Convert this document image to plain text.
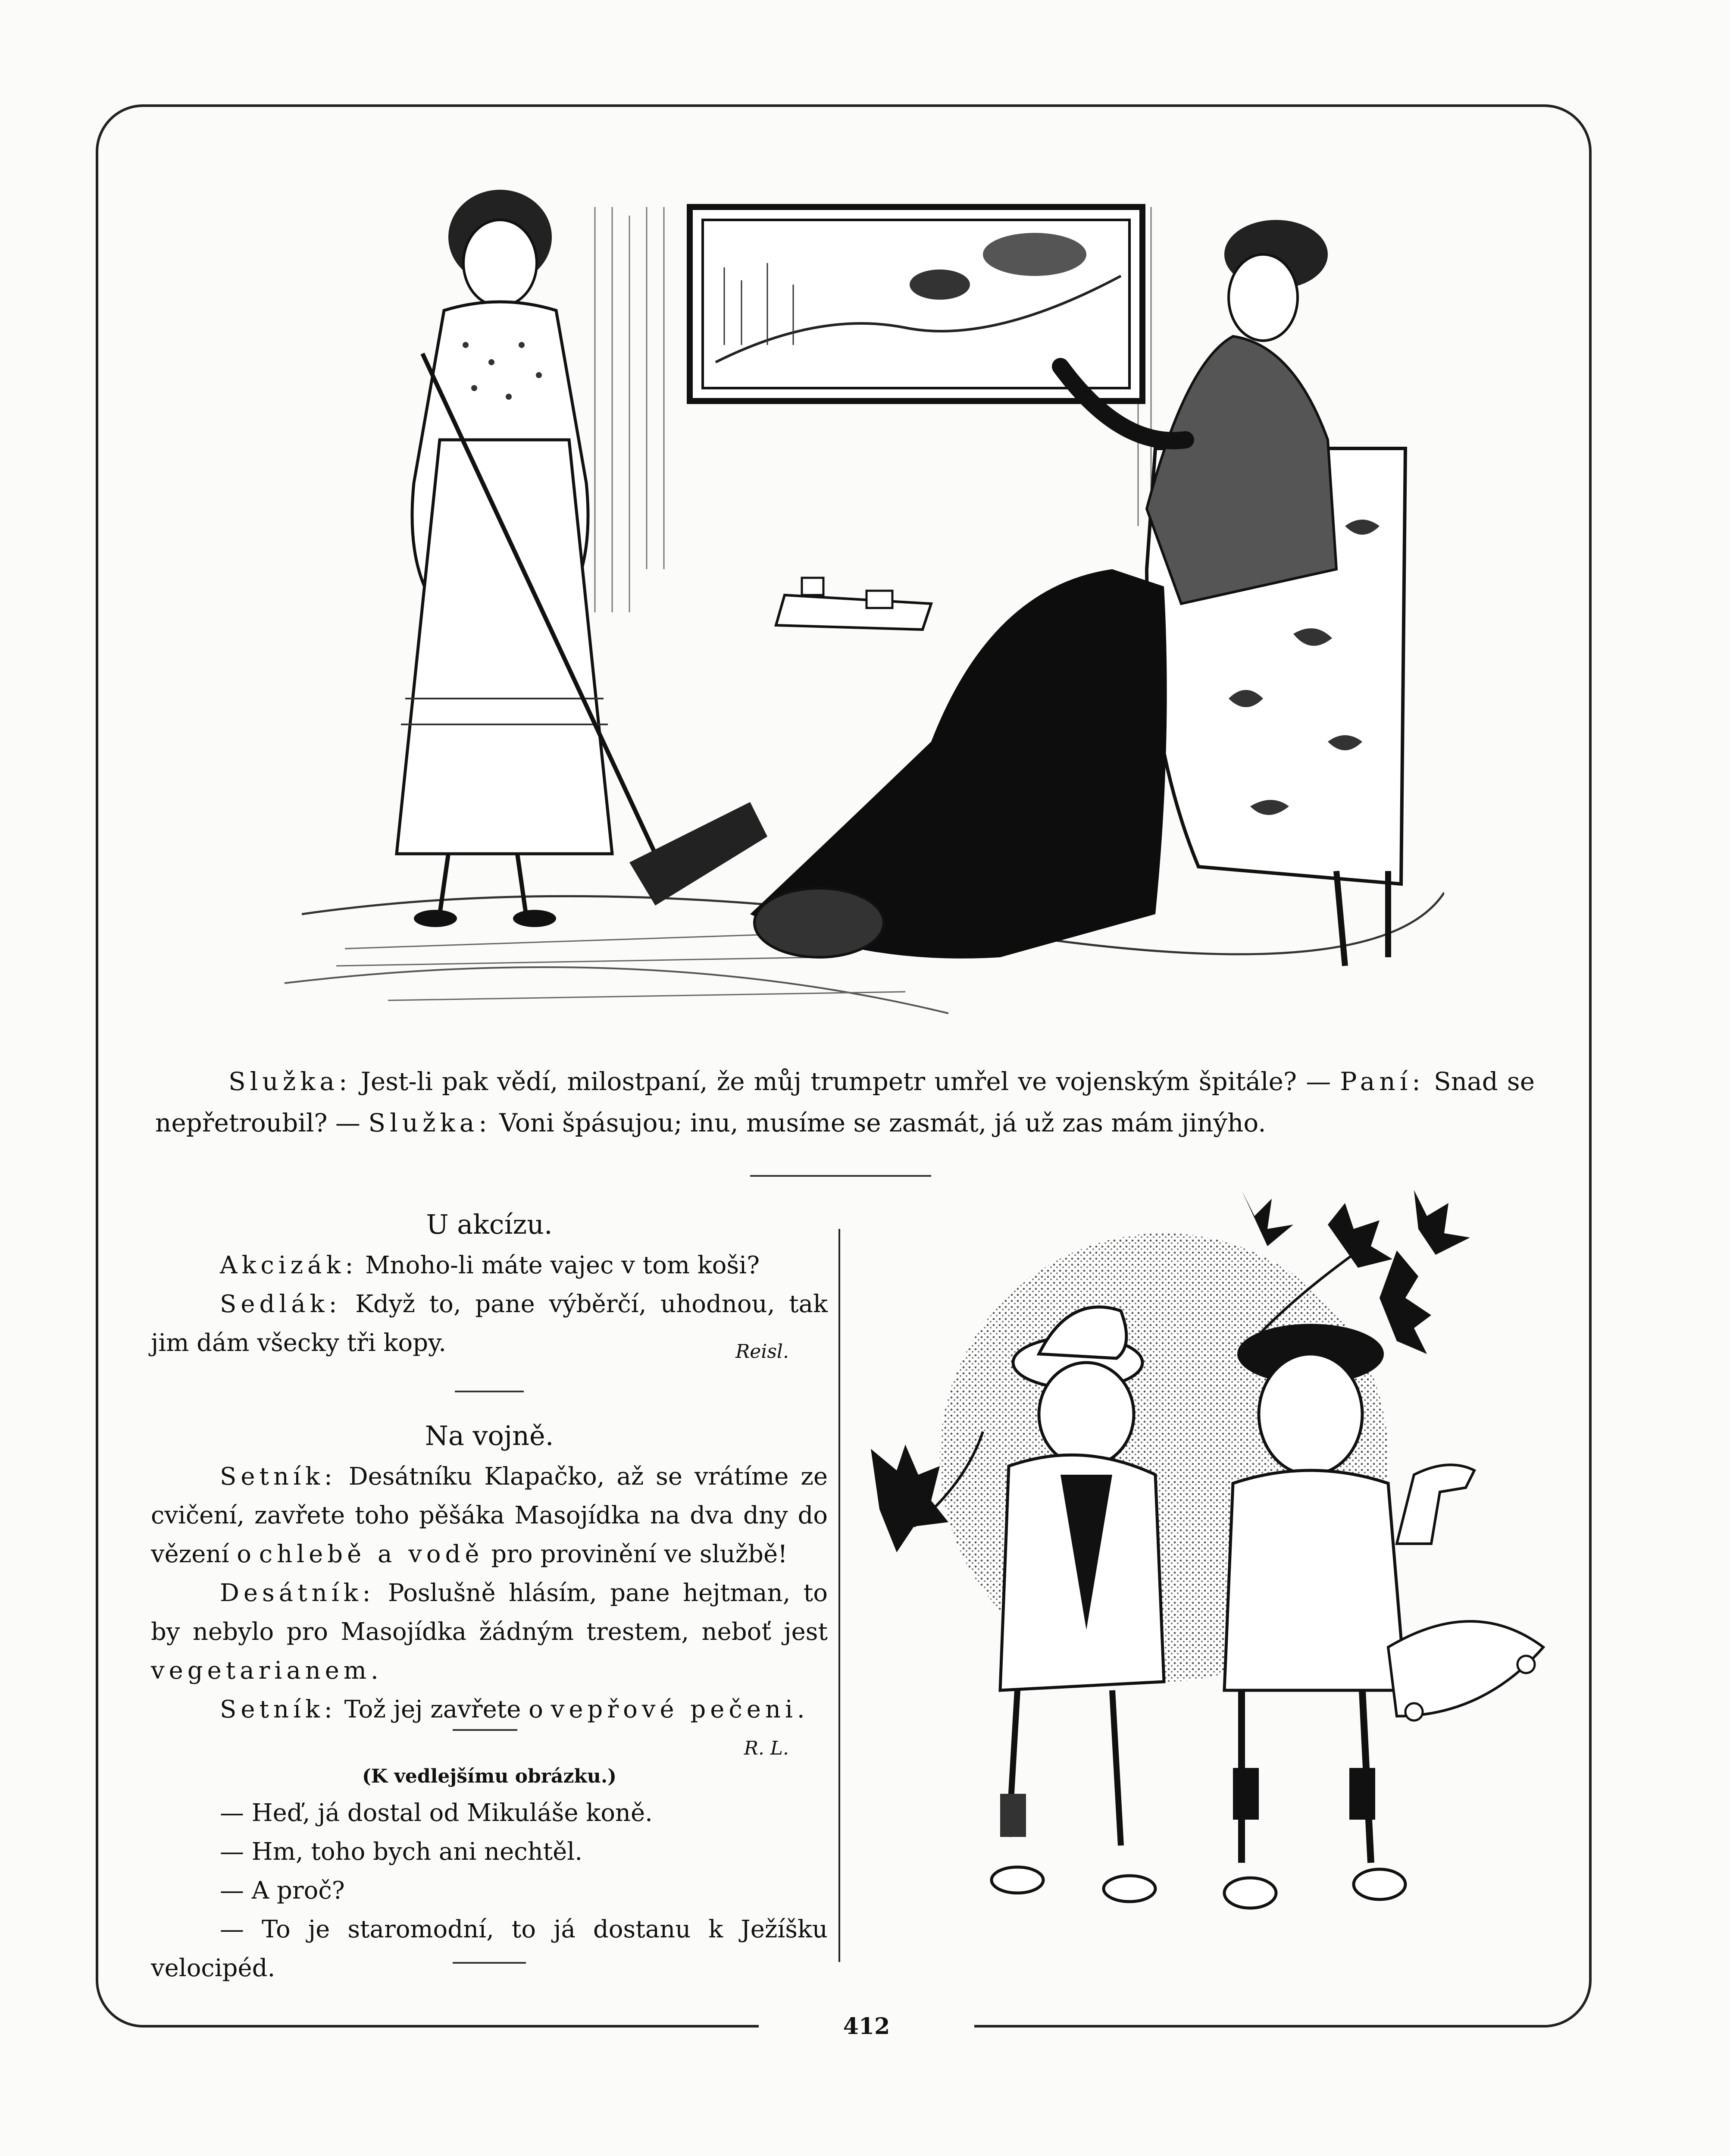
412

Služka: Jest-li pak vědí, milostpaní, že můj trumpetr umřel ve vojenským špitále? — Paní: Snad se nepřetroubil? — Služka: Voni špásujou; inu, musíme se zasmát, já už zas mám jinýho.

U akcízu.

Akcizák: Mnoho-li máte vajec v tom koši?

Sedlák: Když to, pane výběrčí, uhodnou, tak jim dám všecky tři kopy.	Reisl.
Na vojně.

Setník: Desátníku Klapačko, až se vrátíme ze cvičení, zavřete toho pěšáka Masojídka na dva dny do vězení o chlebě a vodě pro provinění ve službě!

Desátník: Poslušně hlásím, pane hejtman, to by nebylo pro Masojídka žádným trestem, neboť jest vegetarianem.

Setník: Tož jej zavřete o vepřové pečeni.

R. L.
(K vedlejšímu obrázku.)

— Heď, já dostal od Mikuláše koně.

— Hm, toho bych ani nechtěl.

— A proč?

— To je staromodní, to já dostanu k Ježíšku velocipéd.
